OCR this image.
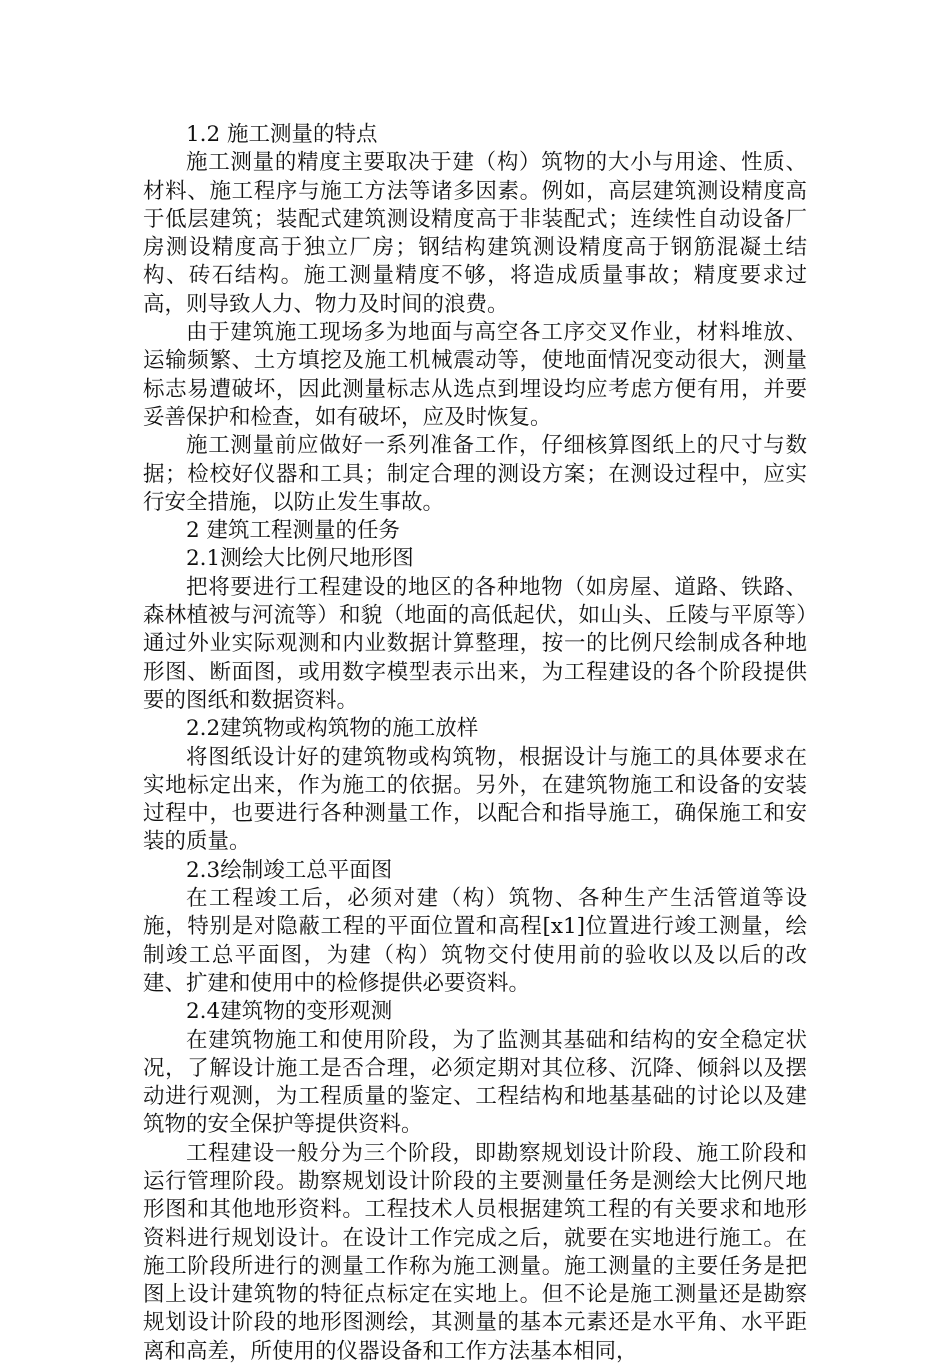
1.2 施工测量的特点

施工测量的精度主要取决于建（构）筑物的大小与用途、性质、材料、施工程序与施工方法等诸多因素。例如，高层建筑测设精度高于低层建筑；装配式建筑测设精度高于非装配式；连续性自动设备厂房测设精度高于独立厂房；钢结构建筑测设精度高于钢筋混凝土结构、砖石结构。施工测量精度不够，将造成质量事故；精度要求过高，则导致人力、物力及时间的浪费。

由于建筑施工现场多为地面与高空各工序交叉作业，材料堆放、运输频繁、土方填挖及施工机械震动等，使地面情况变动很大，测量标志易遭破坏，因此测量标志从选点到埋设均应考虑方便有用，并要妥善保护和检查，如有破坏，应及时恢复。

施工测量前应做好一系列准备工作，仔细核算图纸上的尺寸与数据；检校好仪器和工具；制定合理的测设方案；在测设过程中，应实行安全措施，以防止发生事故。

2 建筑工程测量的任务

2.1测绘大比例尺地形图

把将要进行工程建设的地区的各种地物（如房屋、道路、铁路、森林植被与河流等）和貌（地面的高低起伏，如山头、丘陵与平原等）通过外业实际观测和内业数据计算整理，按一的比例尺绘制成各种地形图、断面图，或用数字模型表示出来，为工程建设的各个阶段提供要的图纸和数据资料。

2.2建筑物或构筑物的施工放样

将图纸设计好的建筑物或构筑物，根据设计与施工的具体要求在实地标定出来，作为施工的依据。另外，在建筑物施工和设备的安装过程中，也要进行各种测量工作，以配合和指导施工，确保施工和安装的质量。

2.3绘制竣工总平面图

在工程竣工后，必须对建（构）筑物、各种生产生活管道等设施，特别是对隐蔽工程的平面位置和高程[x1]位置进行竣工测量，绘制竣工总平面图，为建（构）筑物交付使用前的验收以及以后的改建、扩建和使用中的检修提供必要资料。

2.4建筑物的变形观测

在建筑物施工和使用阶段，为了监测其基础和结构的安全稳定状况，了解设计施工是否合理，必须定期对其位移、沉降、倾斜以及摆动进行观测，为工程质量的鉴定、工程结构和地基基础的讨论以及建筑物的安全保护等提供资料。

工程建设一般分为三个阶段，即勘察规划设计阶段、施工阶段和运行管理阶段。勘察规划设计阶段的主要测量任务是测绘大比例尺地形图和其他地形资料。工程技术人员根据建筑工程的有关要求和地形资料进行规划设计。在设计工作完成之后，就要在实地进行施工。在施工阶段所进行的测量工作称为施工测量。施工测量的主要任务是把图上设计建筑物的特征点标定在实地上。但不论是施工测量还是勘察规划设计阶段的地形图测绘，其测量的基本元素还是水平角、水平距离和高差，所使用的仪器设备和工作方法基本相同，
